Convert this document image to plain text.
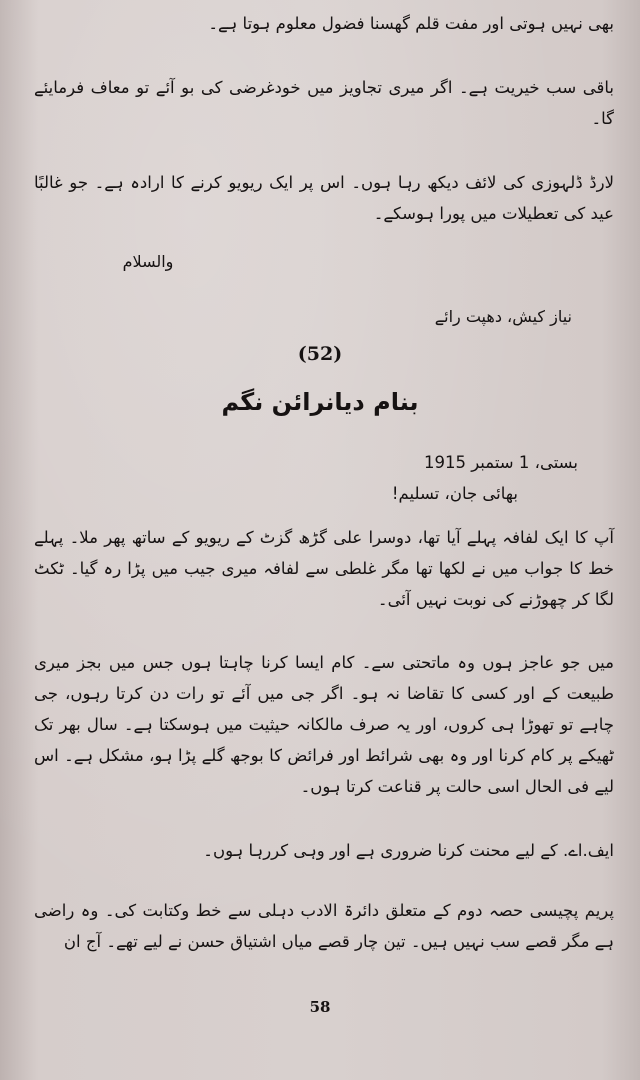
بھی نہیں ہوتی اور مفت قلم گھسنا فضول معلوم ہوتا ہے۔

باقی سب خیریت ہے۔ اگر میری تجاویز میں خودغرضی کی بو آئے تو معاف فرمایئے گا۔

لارڈ ڈلہوزی کی لائف دیکھ رہا ہوں۔ اس پر ایک ریویو کرنے کا ارادہ ہے۔ جو غالبًا عید کی تعطیلات میں پورا ہوسکے۔

والسلام
نیاز کیش، دھپت رائے
(52)
بنام دیانرائن نگم
بستی، 1 ستمبر 1915
بھائی جان، تسلیم!

آپ کا ایک لفافہ پہلے آیا تھا، دوسرا علی گڑھ گزٹ کے ریویو کے ساتھ پھر ملا۔ پہلے خط کا جواب میں نے لکھا تھا مگر غلطی سے لفافہ میری جیب میں پڑا رہ گیا۔ ٹکٹ لگا کر چھوڑنے کی نوبت نہیں آئی۔

میں جو عاجز ہوں وہ ماتحتی سے۔ کام ایسا کرنا چاہتا ہوں جس میں بجز میری طبیعت کے اور کسی کا تقاضا نہ ہو۔ اگر جی میں آئے تو رات دن کرتا رہوں، جی چاہے تو تھوڑا ہی کروں، اور یہ صرف مالکانہ حیثیت میں ہوسکتا ہے۔ سال بھر تک ٹھیکے پر کام کرنا اور وہ بھی شرائط اور فرائض کا بوجھ گلے پڑا ہو، مشکل ہے۔ اس لیے فی الحال اسی حالت پر قناعت کرتا ہوں۔

ایف.اے. کے لیے محنت کرنا ضروری ہے اور وہی کررہا ہوں۔

پریم پچیسی حصہ دوم کے متعلق دائرۃ الادب دہلی سے خط وکتابت کی۔ وہ راضی ہے مگر قصے سب نہیں ہیں۔ تین چار قصے میاں اشتیاق حسن نے لیے تھے۔ آج ان

58
